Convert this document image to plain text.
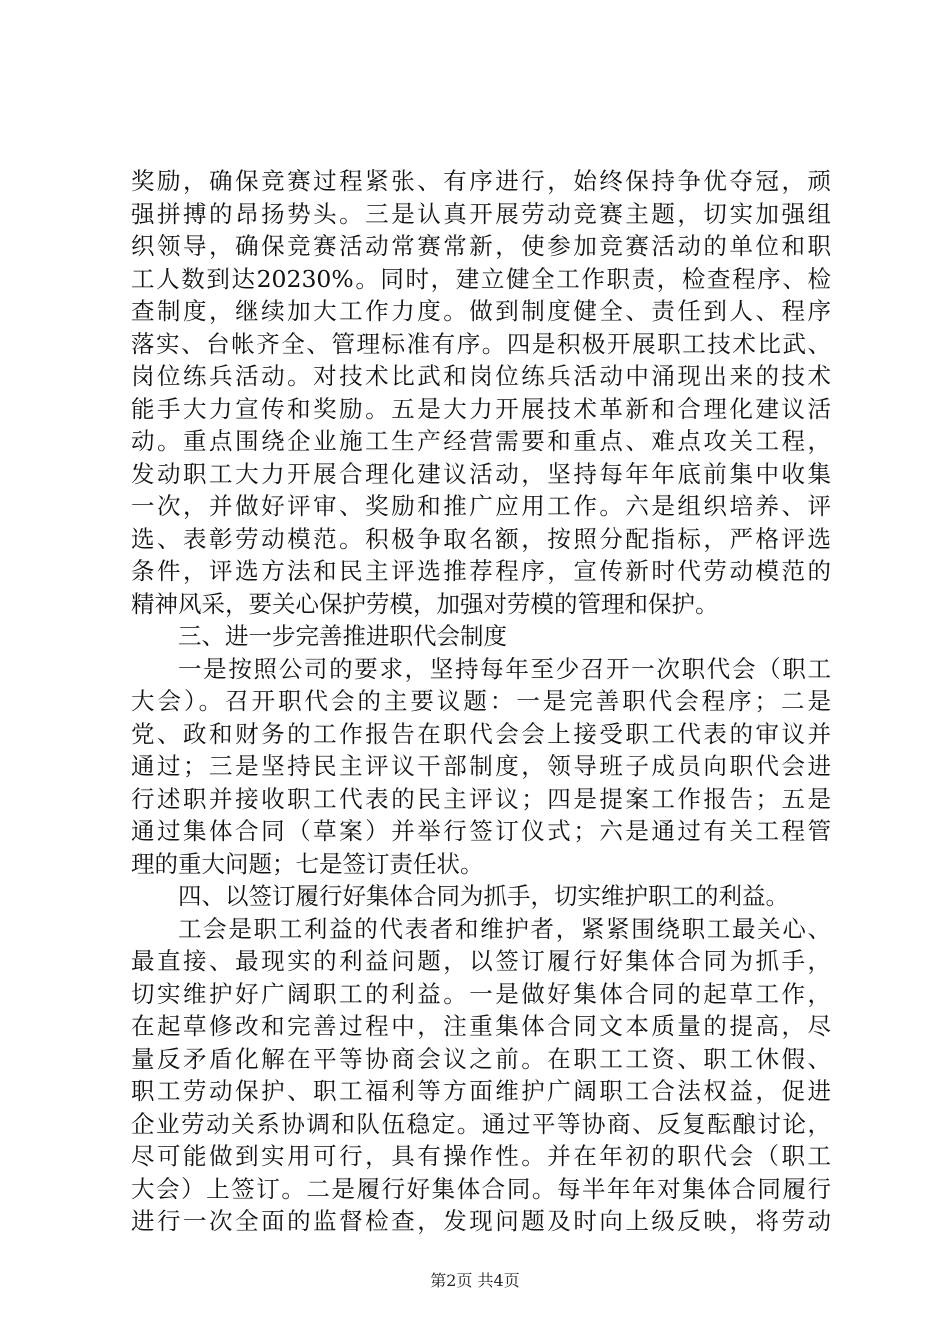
奖励，确保竞赛过程紧张、有序进行，始终保持争优夺冠，顽
强拼搏的昂扬势头。三是认真开展劳动竞赛主题，切实加强组
织领导，确保竞赛活动常赛常新，使参加竞赛活动的单位和职
工人数到达20230%。同时，建立健全工作职责，检查程序、检
查制度，继续加大工作力度。做到制度健全、责任到人、程序
落实、台帐齐全、管理标准有序。四是积极开展职工技术比武、
岗位练兵活动。对技术比武和岗位练兵活动中涌现出来的技术
能手大力宣传和奖励。五是大力开展技术革新和合理化建议活
动。重点围绕企业施工生产经营需要和重点、难点攻关工程，
发动职工大力开展合理化建议活动，坚持每年年底前集中收集
一次，并做好评审、奖励和推广应用工作。六是组织培养、评
选、表彰劳动模范。积极争取名额，按照分配指标，严格评选
条件，评选方法和民主评选推荐程序，宣传新时代劳动模范的
精神风采，要关心保护劳模，加强对劳模的管理和保护。
三、进一步完善推进职代会制度
一是按照公司的要求，坚持每年至少召开一次职代会（职工
大会）。召开职代会的主要议题：一是完善职代会程序；二是
党、政和财务的工作报告在职代会会上接受职工代表的审议并
通过；三是坚持民主评议干部制度，领导班子成员向职代会进
行述职并接收职工代表的民主评议；四是提案工作报告；五是
通过集体合同（草案）并举行签订仪式；六是通过有关工程管
理的重大问题；七是签订责任状。
四、以签订履行好集体合同为抓手，切实维护职工的利益。
工会是职工利益的代表者和维护者，紧紧围绕职工最关心、
最直接、最现实的利益问题，以签订履行好集体合同为抓手，
切实维护好广阔职工的利益。一是做好集体合同的起草工作，
在起草修改和完善过程中，注重集体合同文本质量的提高，尽
量反矛盾化解在平等协商会议之前。在职工工资、职工休假、
职工劳动保护、职工福利等方面维护广阔职工合法权益，促进
企业劳动关系协调和队伍稳定。通过平等协商、反复酝酿讨论，
尽可能做到实用可行，具有操作性。并在年初的职代会（职工
大会）上签订。二是履行好集体合同。每半年年对集体合同履行
进行一次全面的监督检查，发现问题及时向上级反映，将劳动
第2页 共4页
